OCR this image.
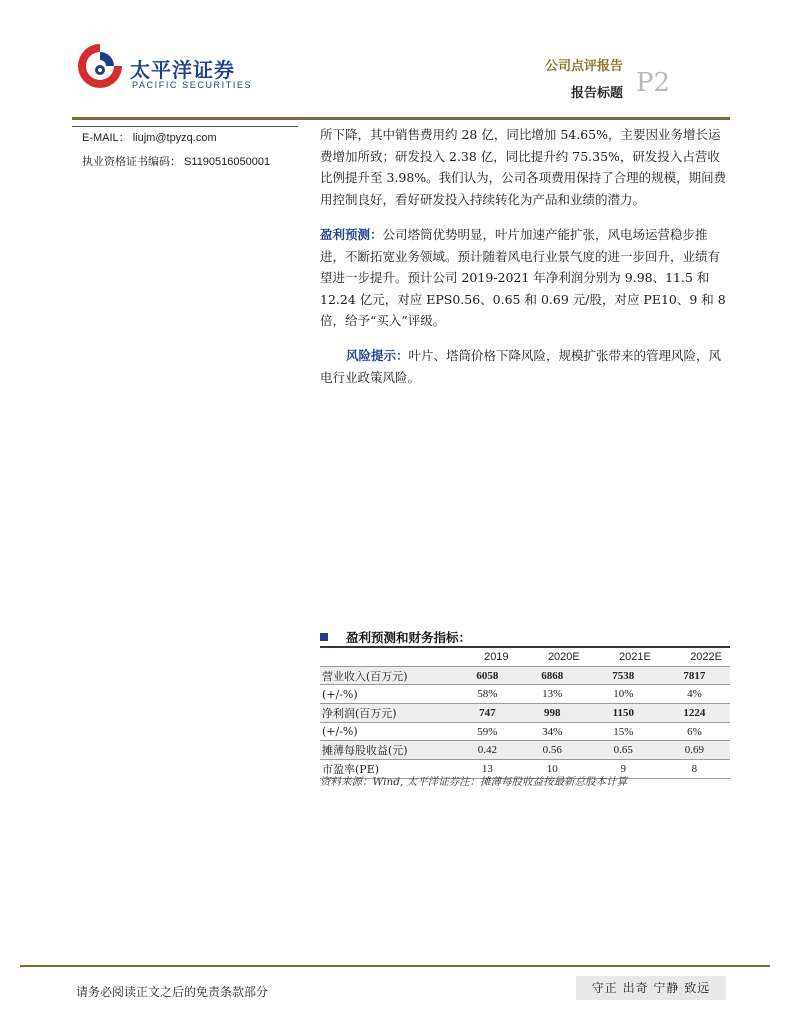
太平洋证券
PACIFIC SECURITIES
公司点评报告
报告标题 P2
E-MAIL： liujm@tpyzq.com
执业资格证书编码： S1190516050001

所下降，其中销售费用约 28 亿，同比增加 54.65%，主要因业务增长运费增加所致；研发投入 2.38 亿，同比提升约 75.35%，研发投入占营收比例提升至 3.98%。我们认为，公司各项费用保持了合理的规模，期间费用控制良好，看好研发投入持续转化为产品和业绩的潜力。

盈利预测：公司塔筒优势明显，叶片加速产能扩张，风电场运营稳步推进，不断拓宽业务领域。预计随着风电行业景气度的进一步回升，业绩有望进一步提升。预计公司 2019-2021 年净利润分别为 9.98、11.5 和 12.24 亿元，对应 EPS0.56、0.65 和 0.69 元/股，对应 PE10、9 和 8 倍，给予“买入”评级。

风险提示：叶片、塔筒价格下降风险，规模扩张带来的管理风险，风电行业政策风险。

盈利预测和财务指标：
	2019	2020E	2021E	2022E
营业收入(百万元)	6058	6868	7538	7817
(+/-%)	58%	13%	10%	4%
净利润(百万元)	747	998	1150	1224
(+/-%)	59%	34%	15%	6%
摊薄每股收益(元)	0.42	0.56	0.65	0.69
市盈率(PE)	13	10	9	8
资料来源：Wind, 太平洋证券注：摊薄每股收益按最新总股本计算
请务必阅读正文之后的免责条款部分	守正 出奇 宁静 致远
